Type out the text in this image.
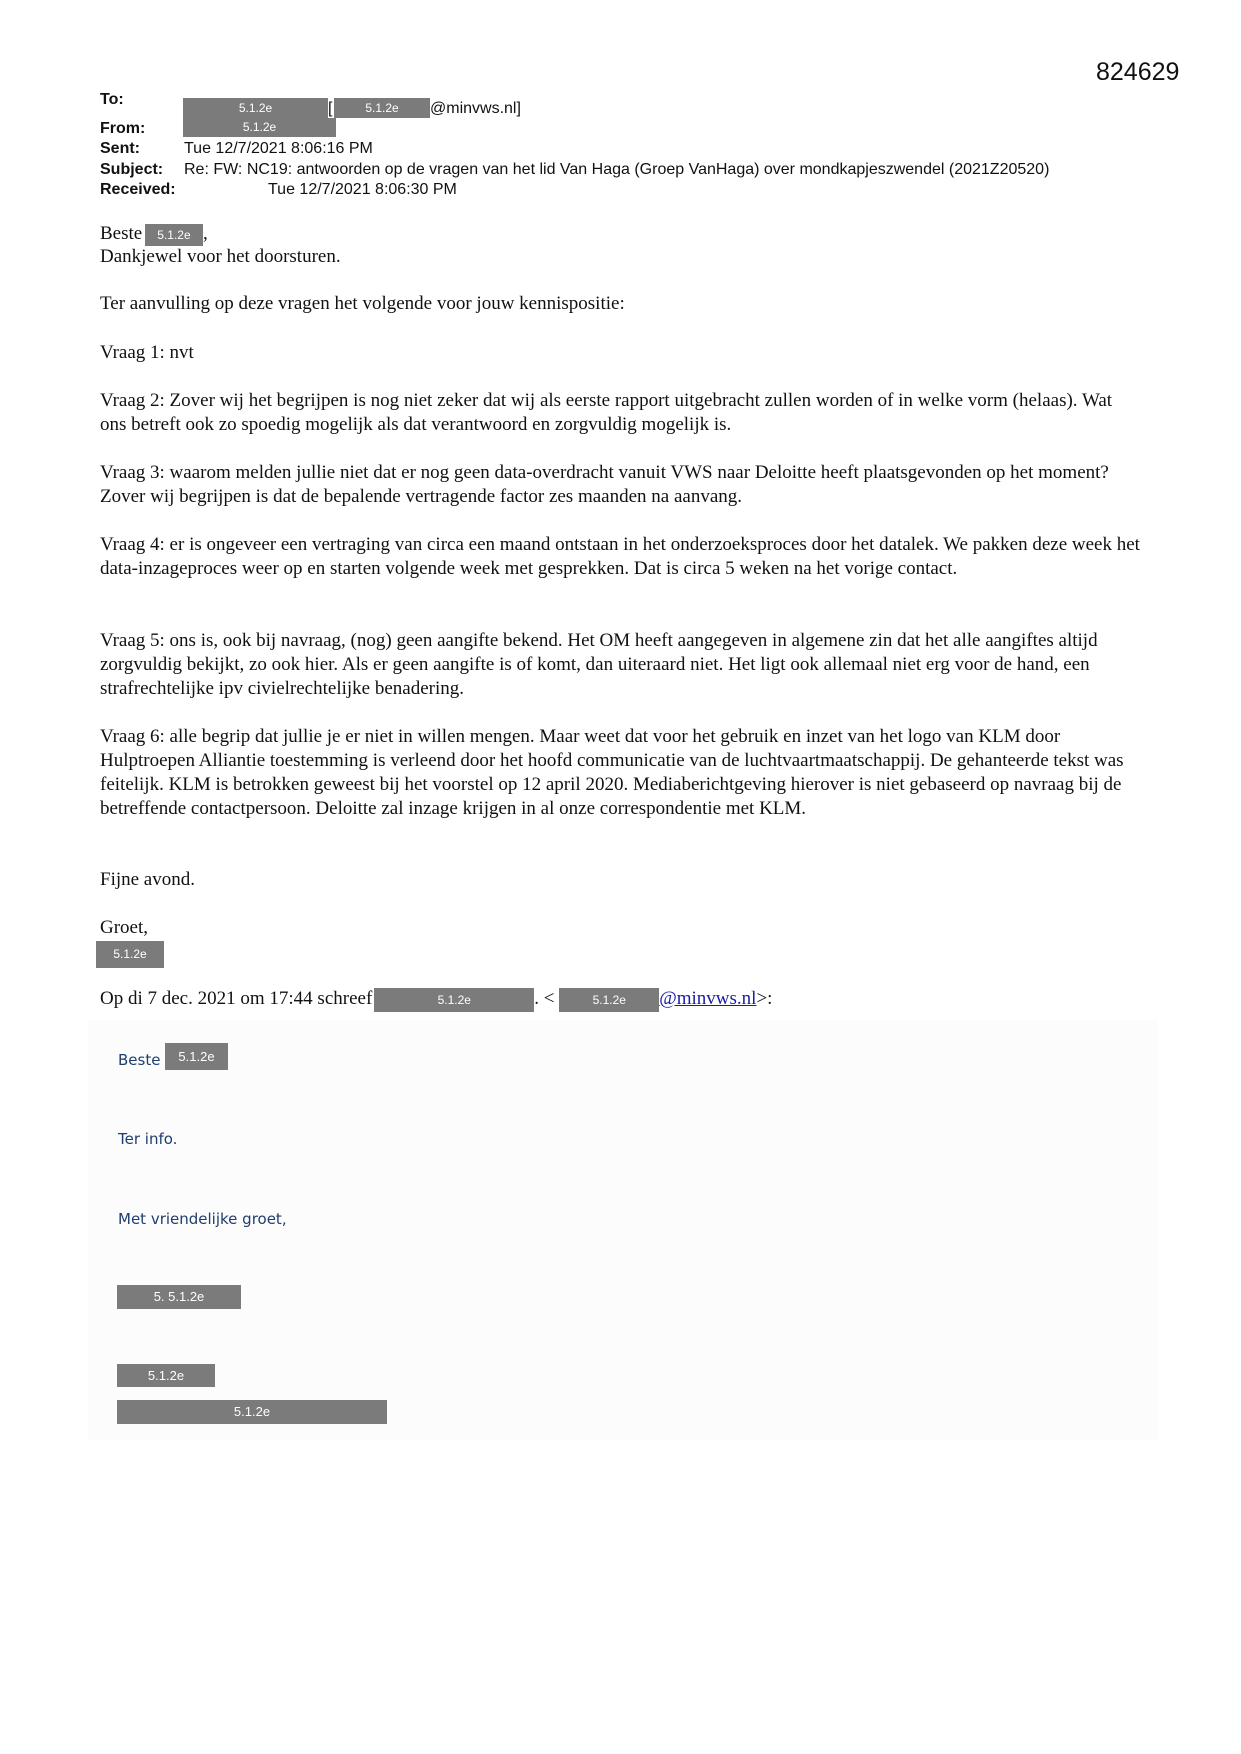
824629
To:	5.1.2e	[	5.1.2e	@minvws.nl]
From:	5.1.2e
Sent:	Tue 12/7/2021 8:06:16 PM
Subject: Re: FW: NC19: antwoorden op de vragen van het lid Van Haga (Groep VanHaga) over mondkapjeszwendel (2021Z20520)
Received:	Tue 12/7/2021 8:06:30 PM
Beste 5.1.2e ,
Dankjewel voor het doorsturen.
Ter aanvulling op deze vragen het volgende voor jouw kennispositie:
Vraag 1: nvt
Vraag 2: Zover wij het begrijpen is nog niet zeker dat wij als eerste rapport uitgebracht zullen worden of in welke vorm (helaas). Wat ons betreft ook zo spoedig mogelijk als dat verantwoord en zorgvuldig mogelijk is.
Vraag 3: waarom melden jullie niet dat er nog geen data-overdracht vanuit VWS naar Deloitte heeft plaatsgevonden op het moment? Zover wij begrijpen is dat de bepalende vertragende factor zes maanden na aanvang.
Vraag 4: er is ongeveer een vertraging van circa een maand ontstaan in het onderzoeksproces door het datalek. We pakken deze week het data-inzageproces weer op en starten volgende week met gesprekken. Dat is circa 5 weken na het vorige contact.
Vraag 5: ons is, ook bij navraag, (nog) geen aangifte bekend. Het OM heeft aangegeven in algemene zin dat het alle aangiftes altijd zorgvuldig bekijkt, zo ook hier. Als er geen aangifte is of komt, dan uiteraard niet. Het ligt ook allemaal niet erg voor de hand, een strafrechtelijke ipv civielrechtelijke benadering.
Vraag 6: alle begrip dat jullie je er niet in willen mengen. Maar weet dat voor het gebruik en inzet van het logo van KLM door Hulptroepen Alliantie toestemming is verleend door het hoofd communicatie van de luchtvaartmaatschappij. De gehanteerde tekst was feitelijk. KLM is betrokken geweest bij het voorstel op 12 april 2020. Mediaberichtgeving hierover is niet gebaseerd op navraag bij de betreffende contactpersoon. Deloitte zal inzage krijgen in al onze correspondentie met KLM.
Fijne avond.
Groet,
5.1.2e
Op di 7 dec. 2021 om 17:44 schreef	5.1.2e	. <	5.1.2e @minvws.nl>:
Beste	5.1.2e
Ter info.
Met vriendelijke groet,
5. 5.1.2e
5.1.2e
5.1.2e
